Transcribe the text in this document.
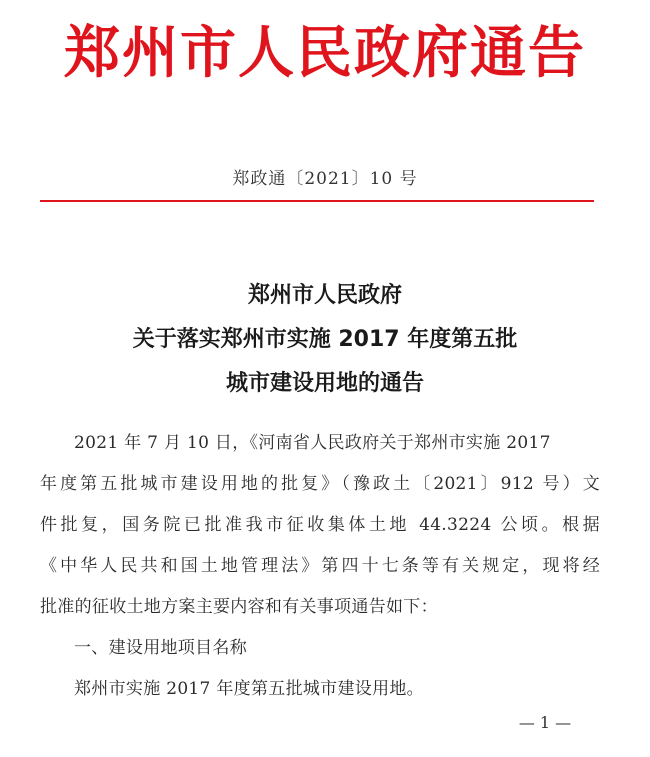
郑州市人民政府通告
郑政通〔2021〕10 号
郑州市人民政府
关于落实郑州市实施 2017 年度第五批
城市建设用地的通告
2021 年 7 月 10 日，《河南省人民政府关于郑州市实施 2017
年度第五批城市建设用地的批复》（豫政土〔2021〕912 号）文
件批复，国务院已批准我市征收集体土地 44.3224 公顷。根据
《中华人民共和国土地管理法》第四十七条等有关规定，现将经
批准的征收土地方案主要内容和有关事项通告如下：
一、建设用地项目名称
郑州市实施 2017 年度第五批城市建设用地。
— 1 —
